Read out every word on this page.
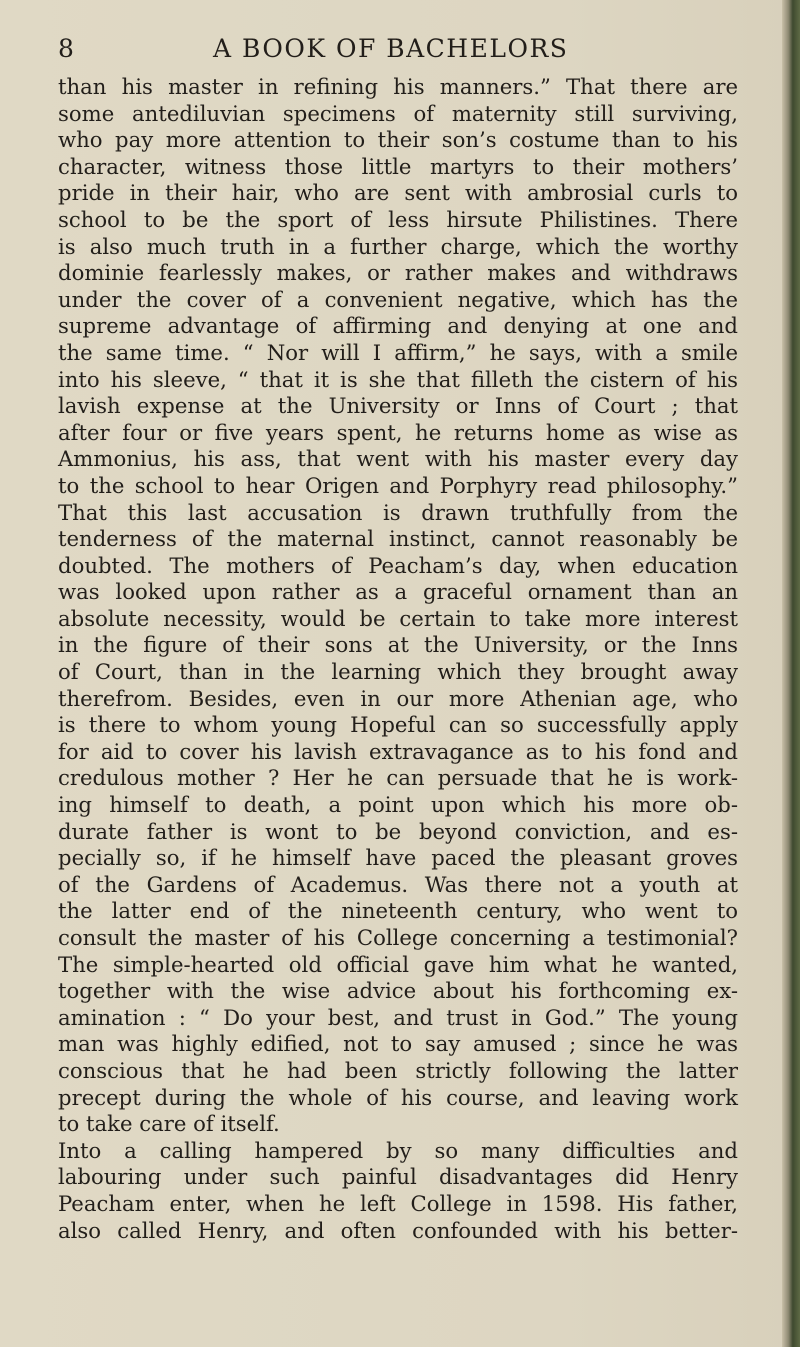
8	A BOOK OF BACHELORS
than his master in refining his manners.” That there are
some antediluvian specimens of maternity still surviving,
who pay more attention to their son’s costume than to his
character, witness those little martyrs to their mothers’
pride in their hair, who are sent with ambrosial curls to
school to be the sport of less hirsute Philistines. There
is also much truth in a further charge, which the worthy
dominie fearlessly makes, or rather makes and withdraws
under the cover of a convenient negative, which has the
supreme advantage of affirming and denying at one and
the same time. “ Nor will I affirm,” he says, with a smile
into his sleeve, “ that it is she that filleth the cistern of his
lavish expense at the University or Inns of Court ; that
after four or five years spent, he returns home as wise as
Ammonius, his ass, that went with his master every day
to the school to hear Origen and Porphyry read philosophy.”
That this last accusation is drawn truthfully from the
tenderness of the maternal instinct, cannot reasonably be
doubted. The mothers of Peacham’s day, when education
was looked upon rather as a graceful ornament than an
absolute necessity, would be certain to take more interest
in the figure of their sons at the University, or the Inns
of Court, than in the learning which they brought away
therefrom. Besides, even in our more Athenian age, who
is there to whom young Hopeful can so successfully apply
for aid to cover his lavish extravagance as to his fond and
credulous mother ? Her he can persuade that he is work-
ing himself to death, a point upon which his more ob-
durate father is wont to be beyond conviction, and es-
pecially so, if he himself have paced the pleasant groves
of the Gardens of Academus. Was there not a youth at
the latter end of the nineteenth century, who went to
consult the master of his College concerning a testimonial?
The simple-hearted old official gave him what he wanted,
together with the wise advice about his forthcoming ex-
amination : “ Do your best, and trust in God.” The young
man was highly edified, not to say amused ; since he was
conscious that he had been strictly following the latter
precept during the whole of his course, and leaving work
to take care of itself.
Into a calling hampered by so many difficulties and
labouring under such painful disadvantages did Henry
Peacham enter, when he left College in 1598. His father,
also called Henry, and often confounded with his better-
